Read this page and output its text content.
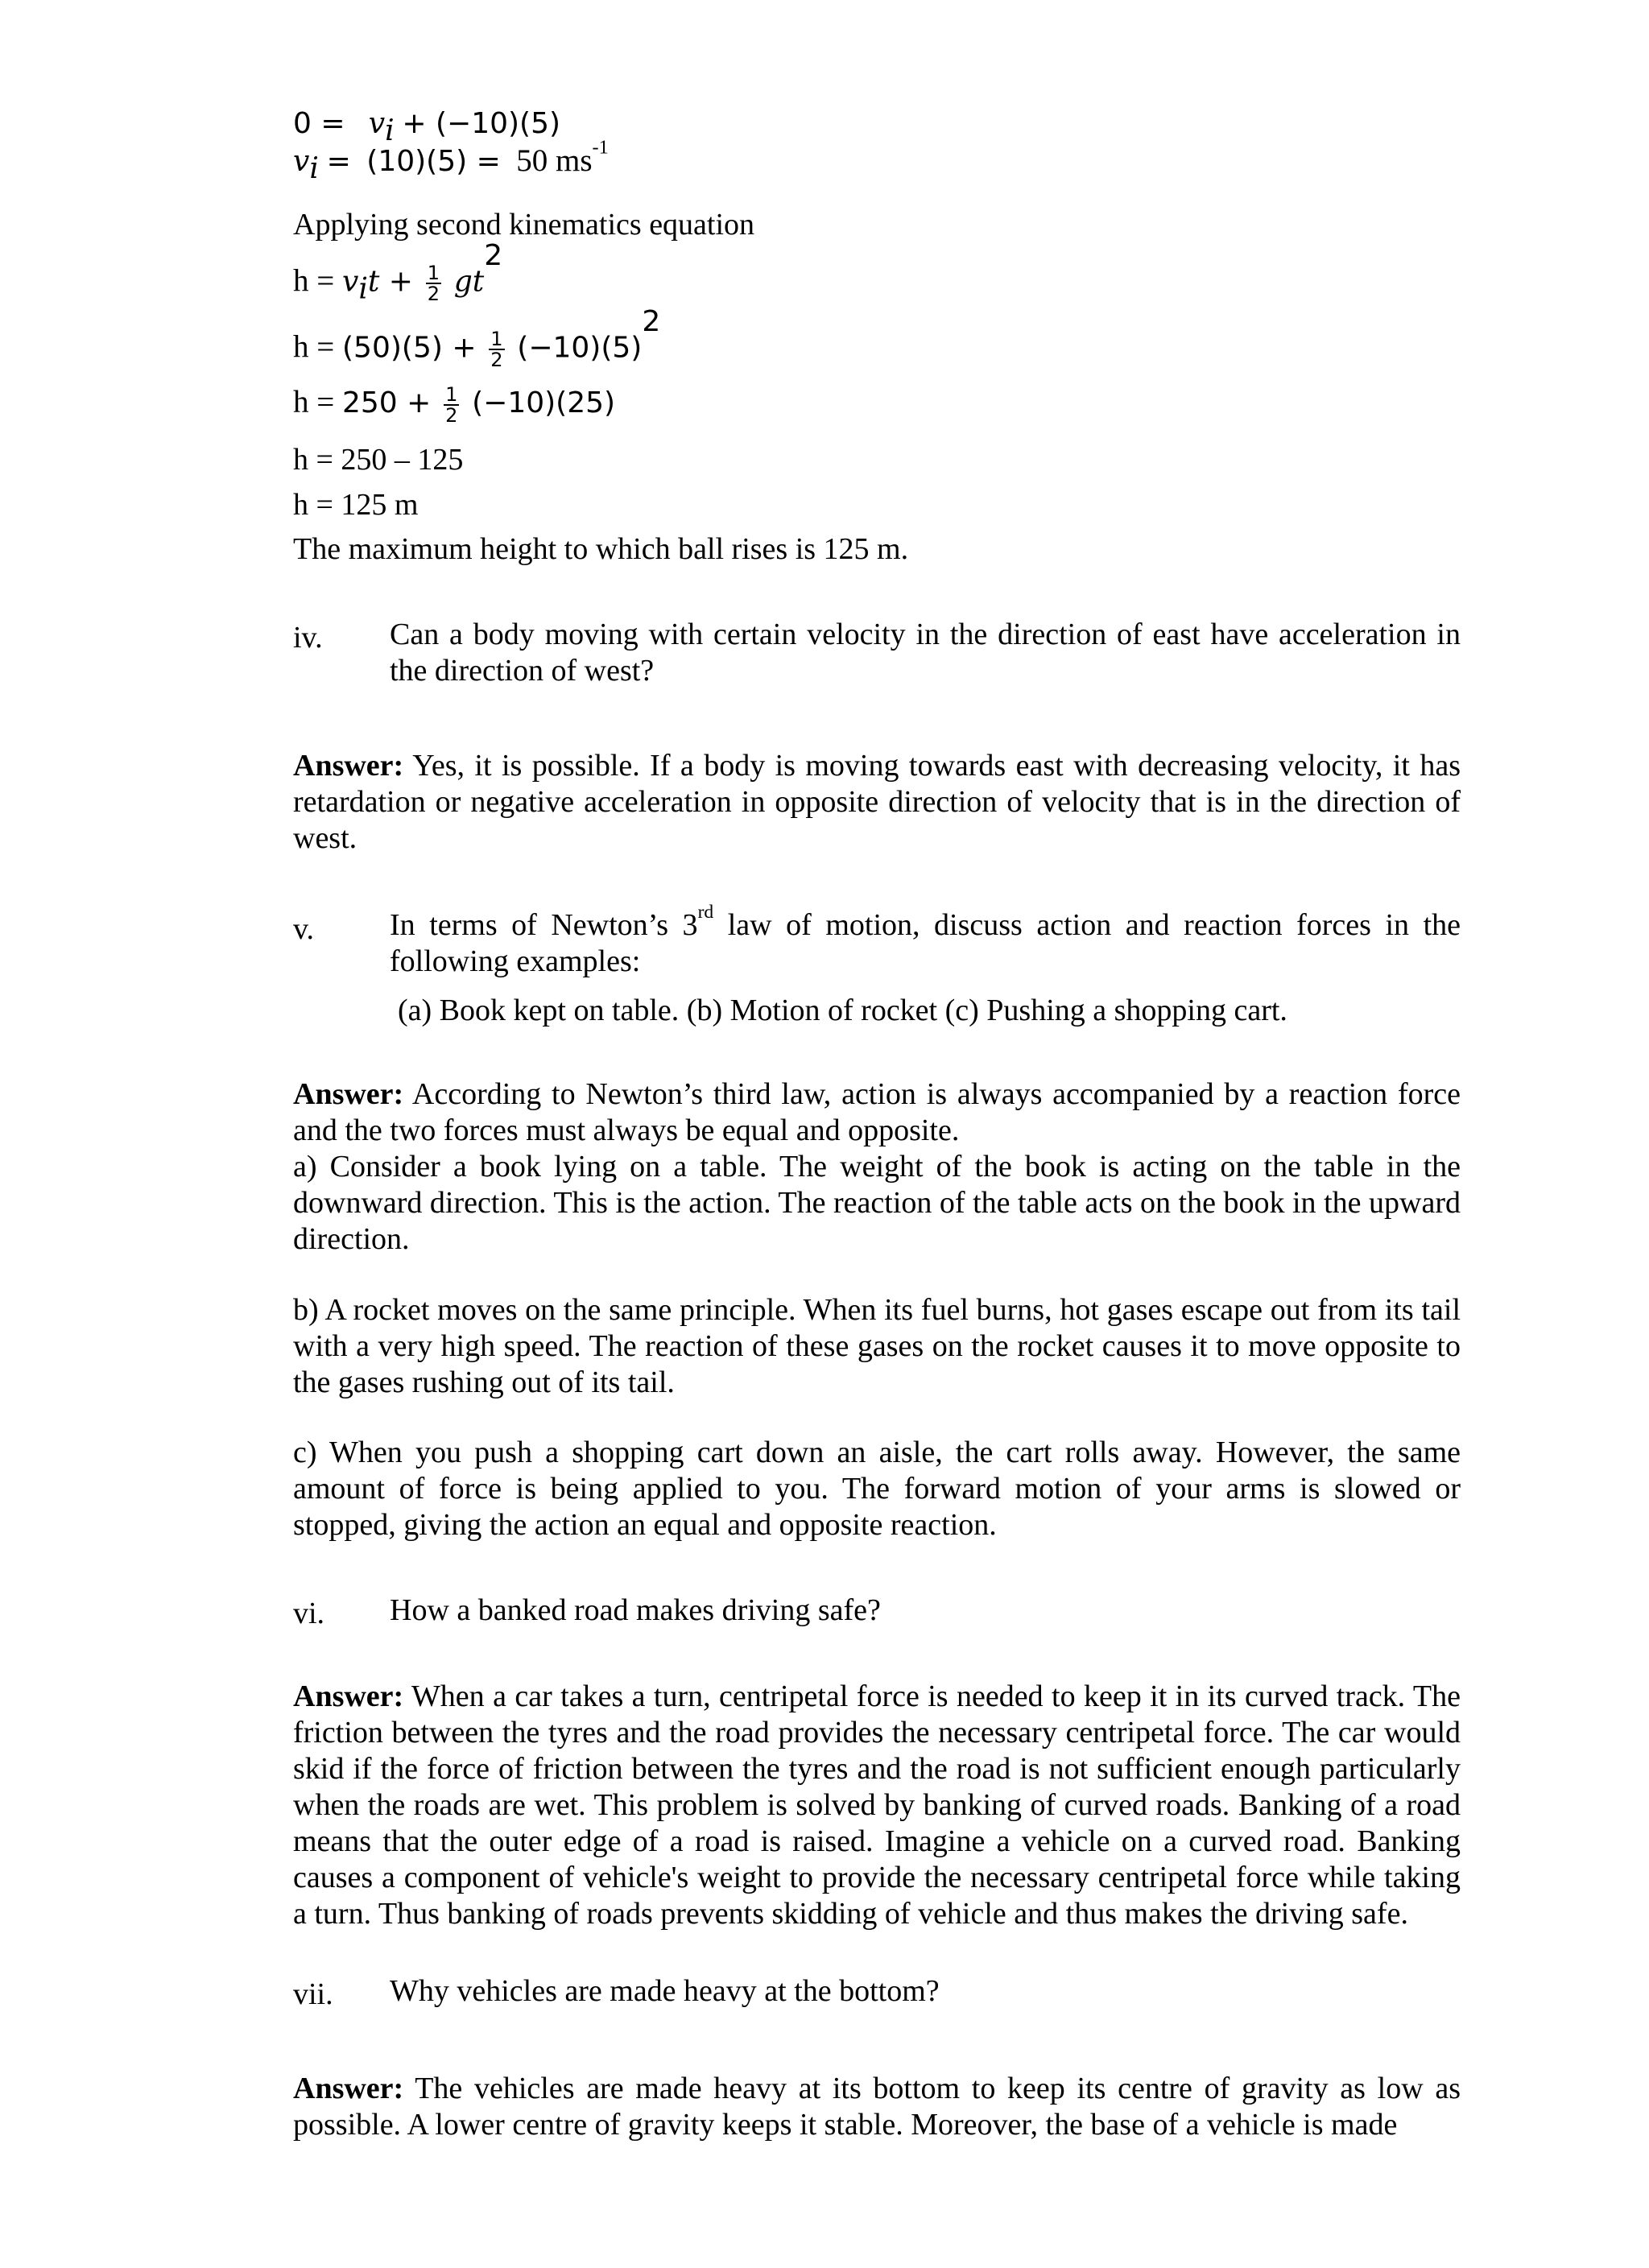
$0 = v_i + (-10)(5)$
$v_i = (10)(5) = 50$ $ms^{-1}$
Applying second kinematics equation
$h = v_it + \frac{1}{2} gt^2$
$h = (50)(5) + \frac{1}{2} (-10)(5)^2$
$h = 250 + \frac{1}{2} (-10)(25)$
h = 250 – 125
h = 125 m
The maximum height to which ball rises is 125 m.
iv. Can a body moving with certain velocity in the direction of east have acceleration in the direction of west?
Answer: Yes, it is possible. If a body is moving towards east with decreasing velocity, it has retardation or negative acceleration in opposite direction of velocity that is in the direction of west.
v. In terms of Newton’s 3rd law of motion, discuss action and reaction forces in the following examples:
(a) Book kept on table. (b) Motion of rocket (c) Pushing a shopping cart.
Answer: According to Newton’s third law, action is always accompanied by a reaction force and the two forces must always be equal and opposite.
a) Consider a book lying on a table. The weight of the book is acting on the table in the downward direction. This is the action. The reaction of the table acts on the book in the upward direction.
b) A rocket moves on the same principle. When its fuel burns, hot gases escape out from its tail with a very high speed. The reaction of these gases on the rocket causes it to move opposite to the gases rushing out of its tail.
c) When you push a shopping cart down an aisle, the cart rolls away. However, the same amount of force is being applied to you. The forward motion of your arms is slowed or stopped, giving the action an equal and opposite reaction.
vi. How a banked road makes driving safe?
Answer: When a car takes a turn, centripetal force is needed to keep it in its curved track. The friction between the tyres and the road provides the necessary centripetal force. The car would skid if the force of friction between the tyres and the road is not sufficient enough particularly when the roads are wet. This problem is solved by banking of curved roads. Banking of a road means that the outer edge of a road is raised. Imagine a vehicle on a curved road. Banking causes a component of vehicle's weight to provide the necessary centripetal force while taking a turn. Thus banking of roads prevents skidding of vehicle and thus makes the driving safe.
vii. Why vehicles are made heavy at the bottom?
Answer: The vehicles are made heavy at its bottom to keep its centre of gravity as low as possible. A lower centre of gravity keeps it stable. Moreover, the base of a vehicle is made
